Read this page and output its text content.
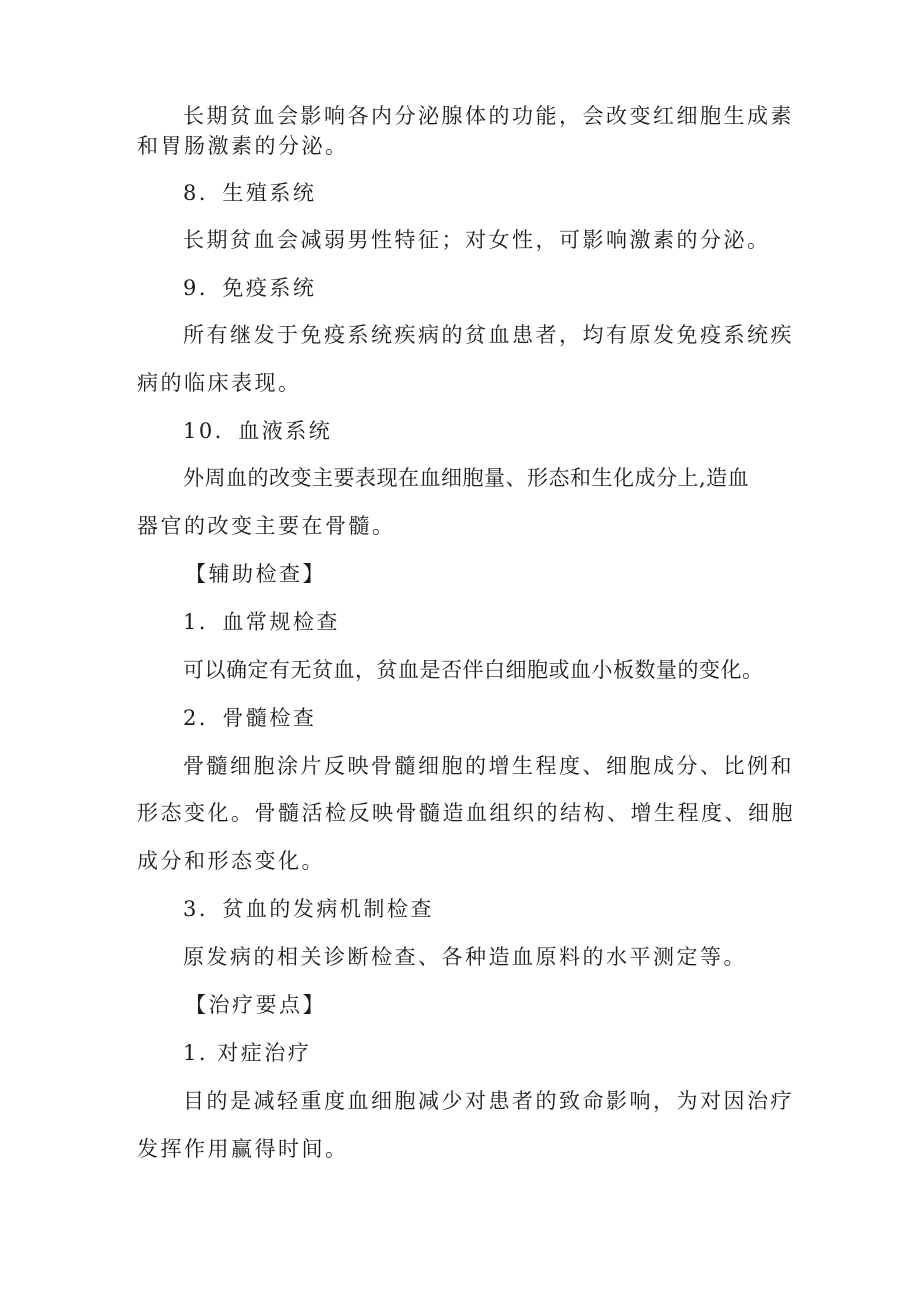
长期贫血会影响各内分泌腺体的功能，会改变红细胞生成素
和胃肠激素的分泌。
8．生殖系统
长期贫血会减弱男性特征；对女性，可影响激素的分泌。
9．免疫系统
所有继发于免疫系统疾病的贫血患者，均有原发免疫系统疾
病的临床表现。
10．血液系统
外周血的改变主要表现在血细胞量、形态和生化成分上,造血
器官的改变主要在骨髓。
【辅助检查】
1．血常规检查
可以确定有无贫血，贫血是否伴白细胞或血小板数量的变化。
2．骨髓检查
骨髓细胞涂片反映骨髓细胞的增生程度、细胞成分、比例和
形态变化。骨髓活检反映骨髓造血组织的结构、增生程度、细胞
成分和形态变化。
3．贫血的发病机制检查
原发病的相关诊断检查、各种造血原料的水平测定等。
【治疗要点】
1. 对症治疗
目的是减轻重度血细胞减少对患者的致命影响，为对因治疗
发挥作用赢得时间。
